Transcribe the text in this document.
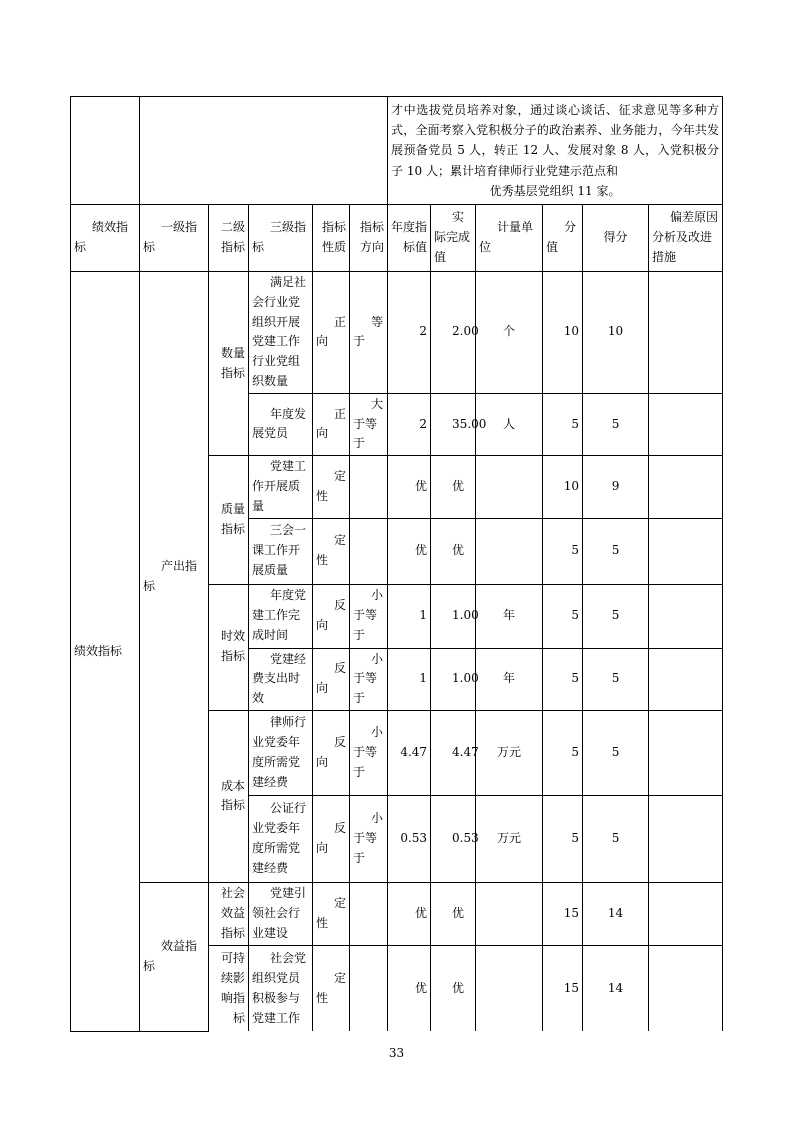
						才中选拔党员培养对象，通过谈心谈话、征求意见等多种方式，全面考察入党积极分子的政治素养、业务能力，今年共发展预备党员 5 人，转正 12 人、发展对象 8 人，入党积极分子 10 人；累计培育律师行业党建示范点和
优秀基层党组织 11 家。					

绩效指标	一级指标	二级指标	三级指标	指标性质	指标方向	年度指标值	实际完成值	计量单位	分值	得分	偏差原因分析及改进措施
绩效指标	产出指标	数量指标	满足社会行业党组织开展党建工作行业党组织数量	正向	等于	2	2.00	个	10	10	
			年度发展党员	正向	大于等于	2	35.00	人	5	5	
		质量指标	党建工作开展质量	定性		优	优		10	9	
			三会一课工作开展质量	定性		优	优		5	5	
		时效指标	年度党建工作完成时间	反向	小于等于	1	1.00	年	5	5	
			党建经费支出时效	反向	小于等于	1	1.00	年	5	5	
		成本指标	律师行业党委年度所需党建经费	反向	小于等于	4.47	4.47	万元	5	5	
			公证行业党委年度所需党建经费	反向	小于等于	0.53	0.53	万元	5	5	
	效益指标	社会效益指标	党建引领社会行业建设	定性		优	优		15	14	
		可持续影响指标	社会党组织党员积极参与党建工作	定性		优	优		15	14	
33
